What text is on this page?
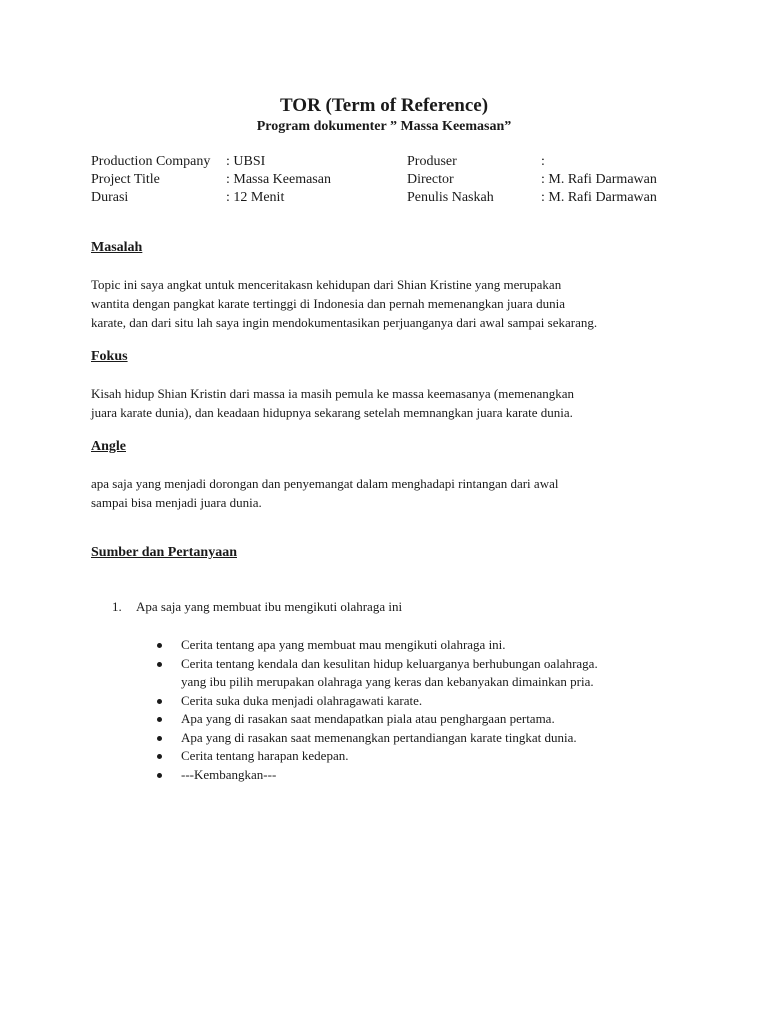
TOR (Term of Reference)
Program dokumenter ” Massa Keemasan”
Production Company : UBSI	Produser	:
Project Title	: Massa Keemasan	Director	: M. Rafi Darmawan
Durasi	: 12 Menit	Penulis Naskah	: M. Rafi Darmawan
Masalah
Topic ini saya angkat untuk menceritakasn kehidupan dari Shian Kristine yang merupakan
wantita dengan pangkat karate tertinggi di Indonesia dan pernah memenangkan juara dunia
karate, dan dari situ lah saya ingin mendokumentasikan perjuanganya dari awal sampai sekarang.
Fokus
Kisah hidup Shian Kristin dari massa ia masih pemula ke massa keemasanya (memenangkan
juara karate dunia), dan keadaan hidupnya sekarang setelah memnangkan juara karate dunia.
Angle
apa saja yang menjadi dorongan dan penyemangat dalam menghadapi rintangan dari awal
sampai bisa menjadi juara dunia.
Sumber dan Pertanyaan
1. Apa saja yang membuat ibu mengikuti olahraga ini
Cerita tentang apa yang membuat mau mengikuti olahraga ini.
Cerita tentang kendala dan kesulitan hidup keluarganya berhubungan oalahraga.
yang ibu pilih merupakan olahraga yang keras dan kebanyakan dimainkan pria.
Cerita suka duka menjadi olahragawati karate.
Apa yang di rasakan saat mendapatkan piala atau penghargaan pertama.
Apa yang di rasakan saat memenangkan pertandiangan karate tingkat dunia.
Cerita tentang harapan kedepan.
---Kembangkan---
